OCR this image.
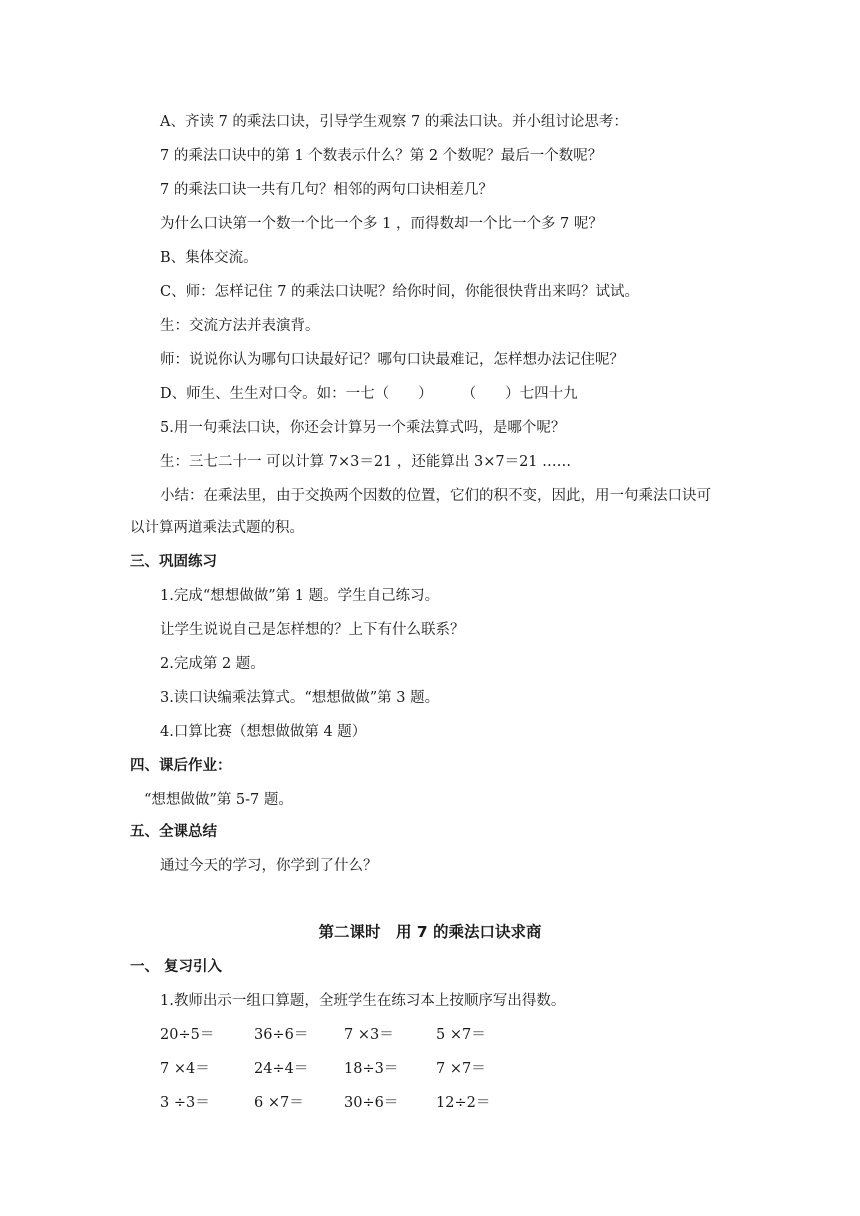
A、齐读 7 的乘法口诀，引导学生观察 7 的乘法口诀。并小组讨论思考：
7 的乘法口诀中的第 1 个数表示什么？第 2 个数呢？最后一个数呢？
7 的乘法口诀一共有几句？相邻的两句口诀相差几？
为什么口诀第一个数一个比一个多 1 ，而得数却一个比一个多 7 呢？
B、集体交流。
C、师：怎样记住 7 的乘法口诀呢？给你时间，你能很快背出来吗？试试。
生：交流方法并表演背。
师：说说你认为哪句口诀最好记？哪句口诀最难记，怎样想办法记住呢？
D、师生、生生对口令。如：一七（　　）　　　（　　）七四十九
5.用一句乘法口诀，你还会计算另一个乘法算式吗，是哪个呢？
生：三七二十一 可以计算 7×3＝21 ，还能算出 3×7＝21 ……
小结：在乘法里，由于交换两个因数的位置，它们的积不变，因此，用一句乘法口诀可
以计算两道乘法式题的积。
三、巩固练习
1.完成“想想做做”第 1 题。学生自己练习。
让学生说说自己是怎样想的？上下有什么联系？
2.完成第 2 题。
3.读口诀编乘法算式。“想想做做”第 3 题。
4.口算比赛（想想做做第 4 题）
四、课后作业：
“想想做做”第 5-7 题。
五、全课总结
通过今天的学习，你学到了什么？
第二课时　用 7 的乘法口诀求商
一、 复习引入
1.教师出示一组口算题，全班学生在练习本上按顺序写出得数。
20÷5＝	36÷6＝ 7 ×3＝	5 ×7＝
7 ×4＝	24÷4＝ 18÷3＝	7 ×7＝
3 ÷3＝	6 ×7＝	30÷6＝	12÷2＝
